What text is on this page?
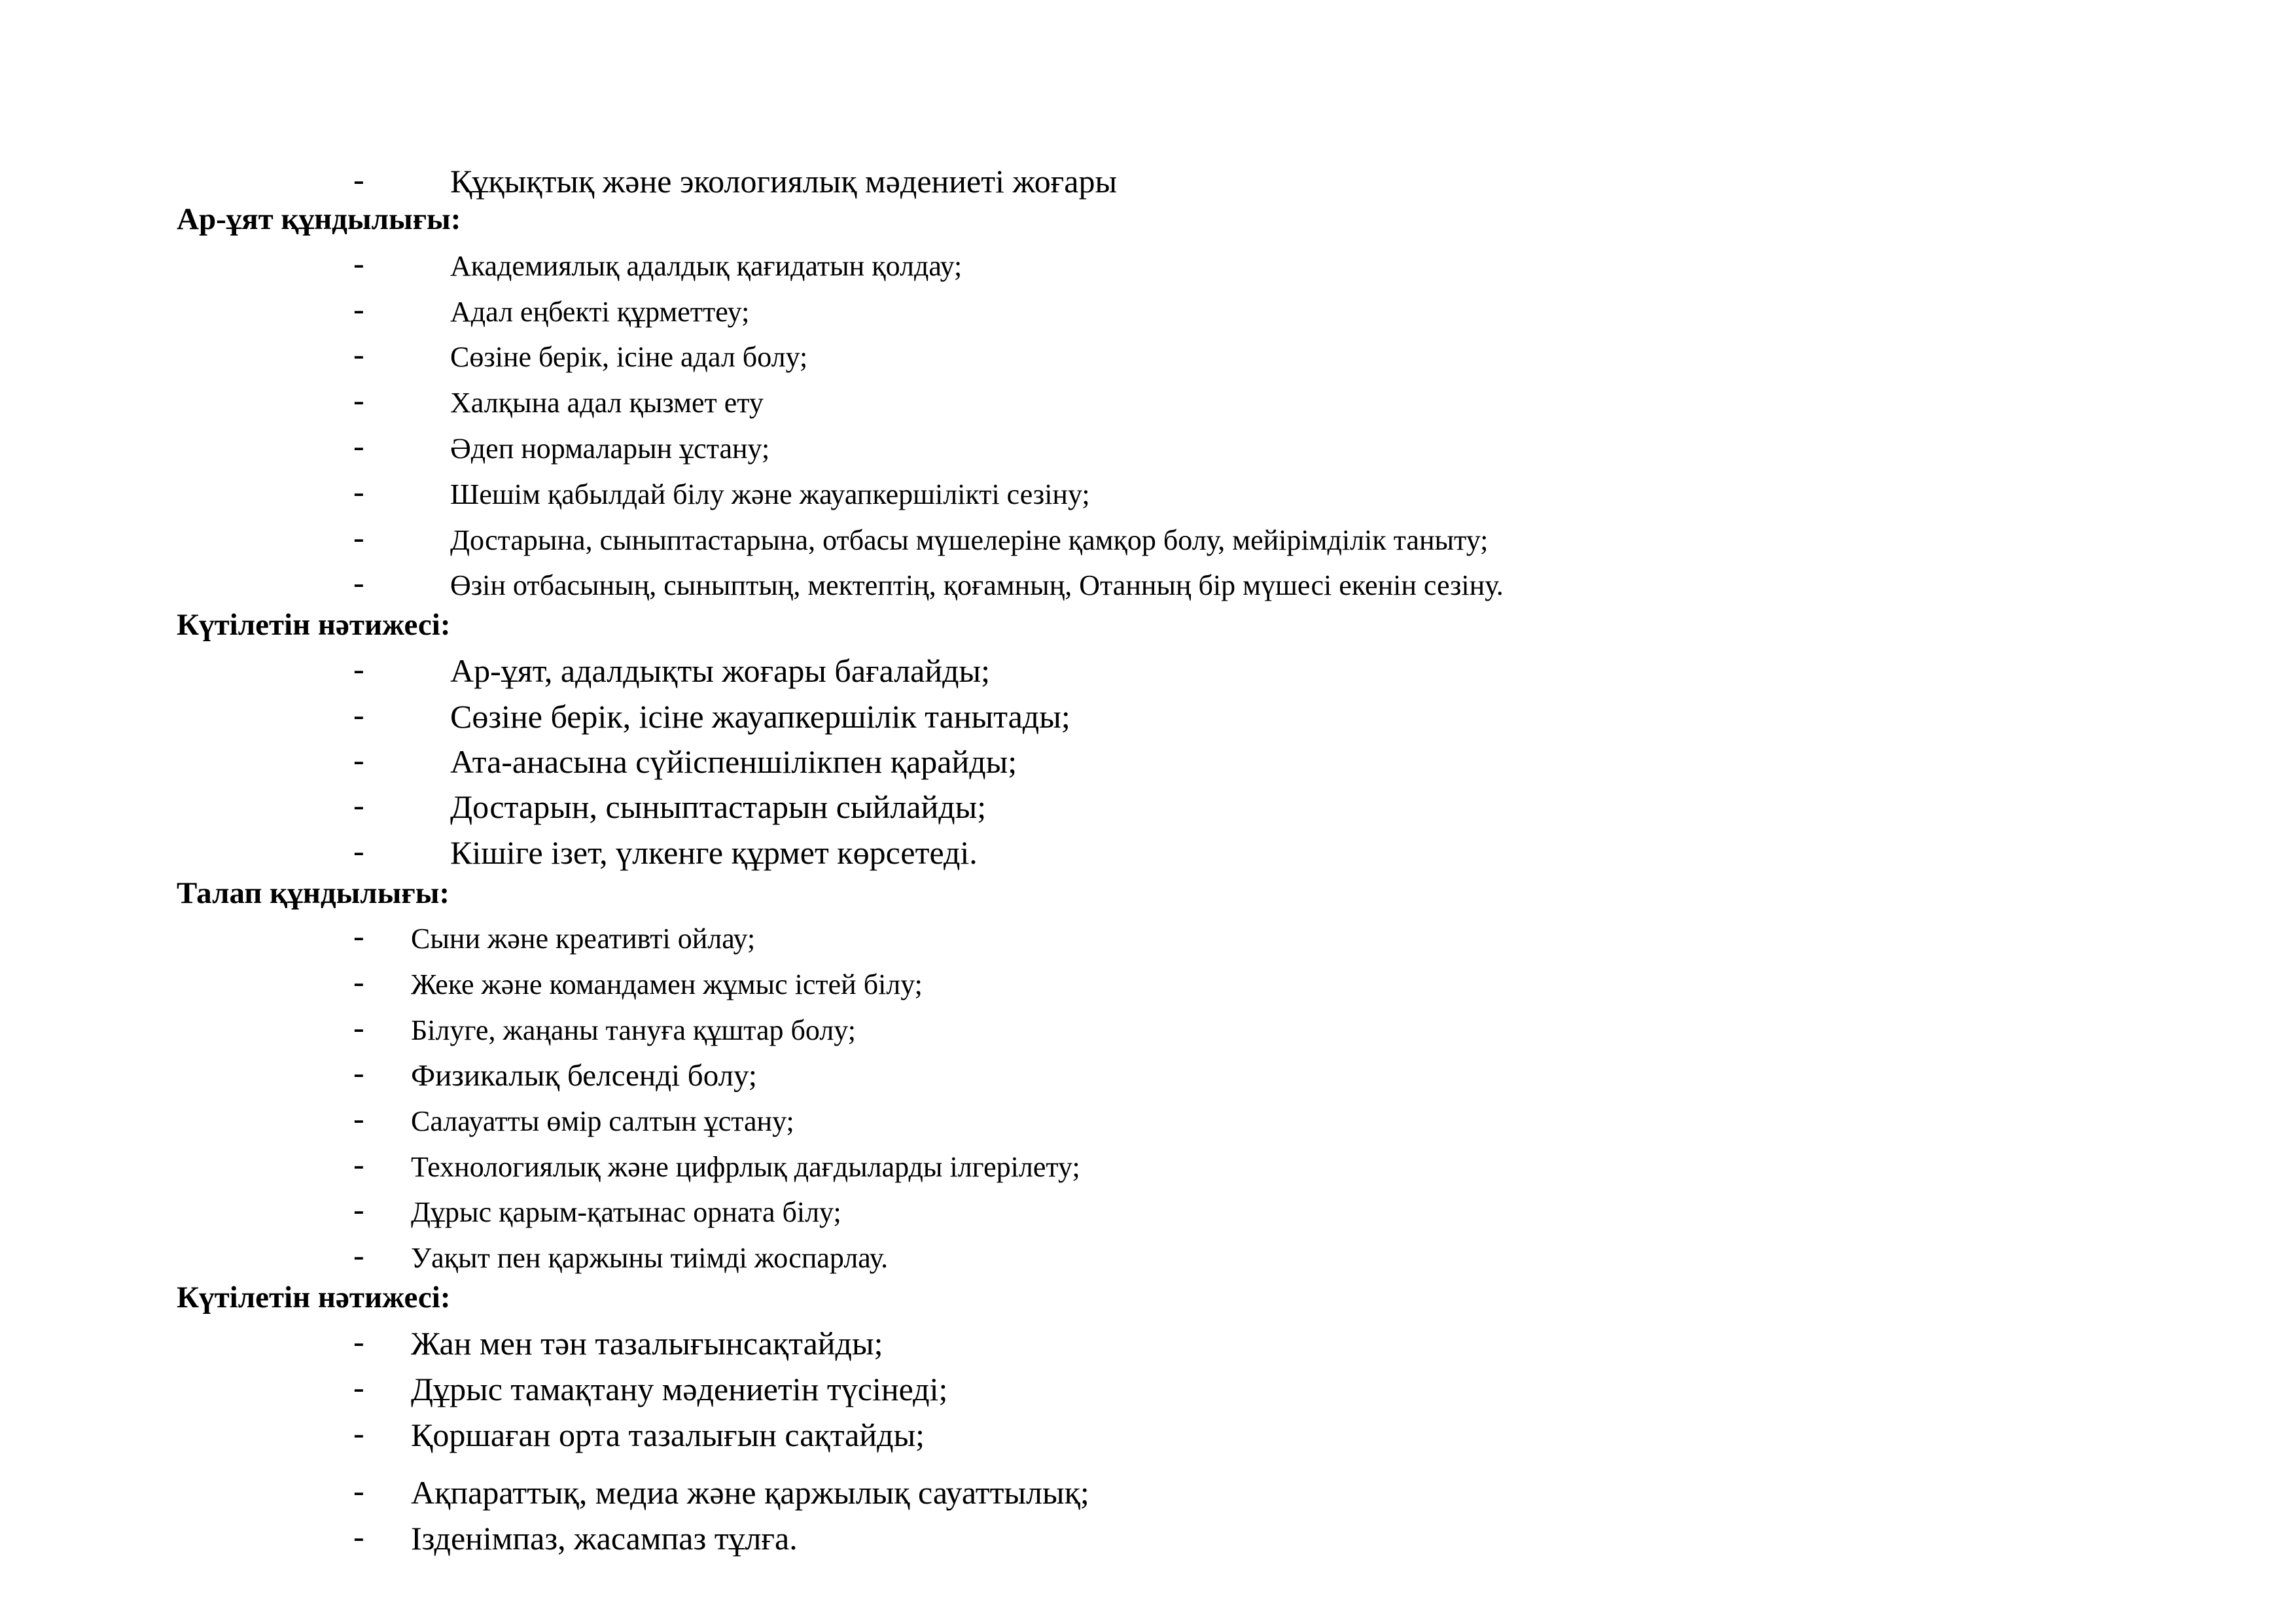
-	Құқықтық және экологиялық мәдениеті жоғары
Ар-ұят құндылығы:
-	Академиялық адалдық қағидатын қолдау;
-	Адал еңбекті құрметтеу;
-	Сөзіне берік, ісіне адал болу;
-	Халқына адал қызмет ету
-	Әдеп нормаларын ұстану;
-	Шешім қабылдай білу және жауапкершілікті сезіну;
-	Достарына, сыныптастарына, отбасы мүшелеріне қамқор болу, мейірімділік таныту;
-	Өзін отбасының, сыныптың, мектептің, қоғамның, Отанның бір мүшесі екенін сезіну.
Күтілетін нәтижесі:
-	Ар-ұят, адалдықты жоғары бағалайды;
-	Сөзіне берік, ісіне жауапкершілік танытады;
-	Ата-анасына сүйіспеншілікпен қарайды;
-	Достарын, сыныптастарын сыйлайды;
-	Кішіге ізет, үлкенге құрмет көрсетеді.
Талап құндылығы:
- Сыни және креативті ойлау;
- Жеке және командамен жұмыс істей білу;
- Білуге, жаңаны тануға құштар болу;
- Физикалық белсенді болу;
- Салауатты өмір салтын ұстану;
- Технологиялық және цифрлық дағдыларды ілгерілету;
- Дұрыс қарым-қатынас орната білу;
- Уақыт пен қаржыны тиімді жоспарлау.
Күтілетін нәтижесі:
- Жан мен тән тазалығынсақтайды;
- Дұрыс тамақтану мәдениетін түсінеді;
- Қоршаған орта тазалығын сақтайды;
- Ақпараттық, медиа және қаржылық сауаттылық;
- Ізденімпаз, жасампаз тұлға.
